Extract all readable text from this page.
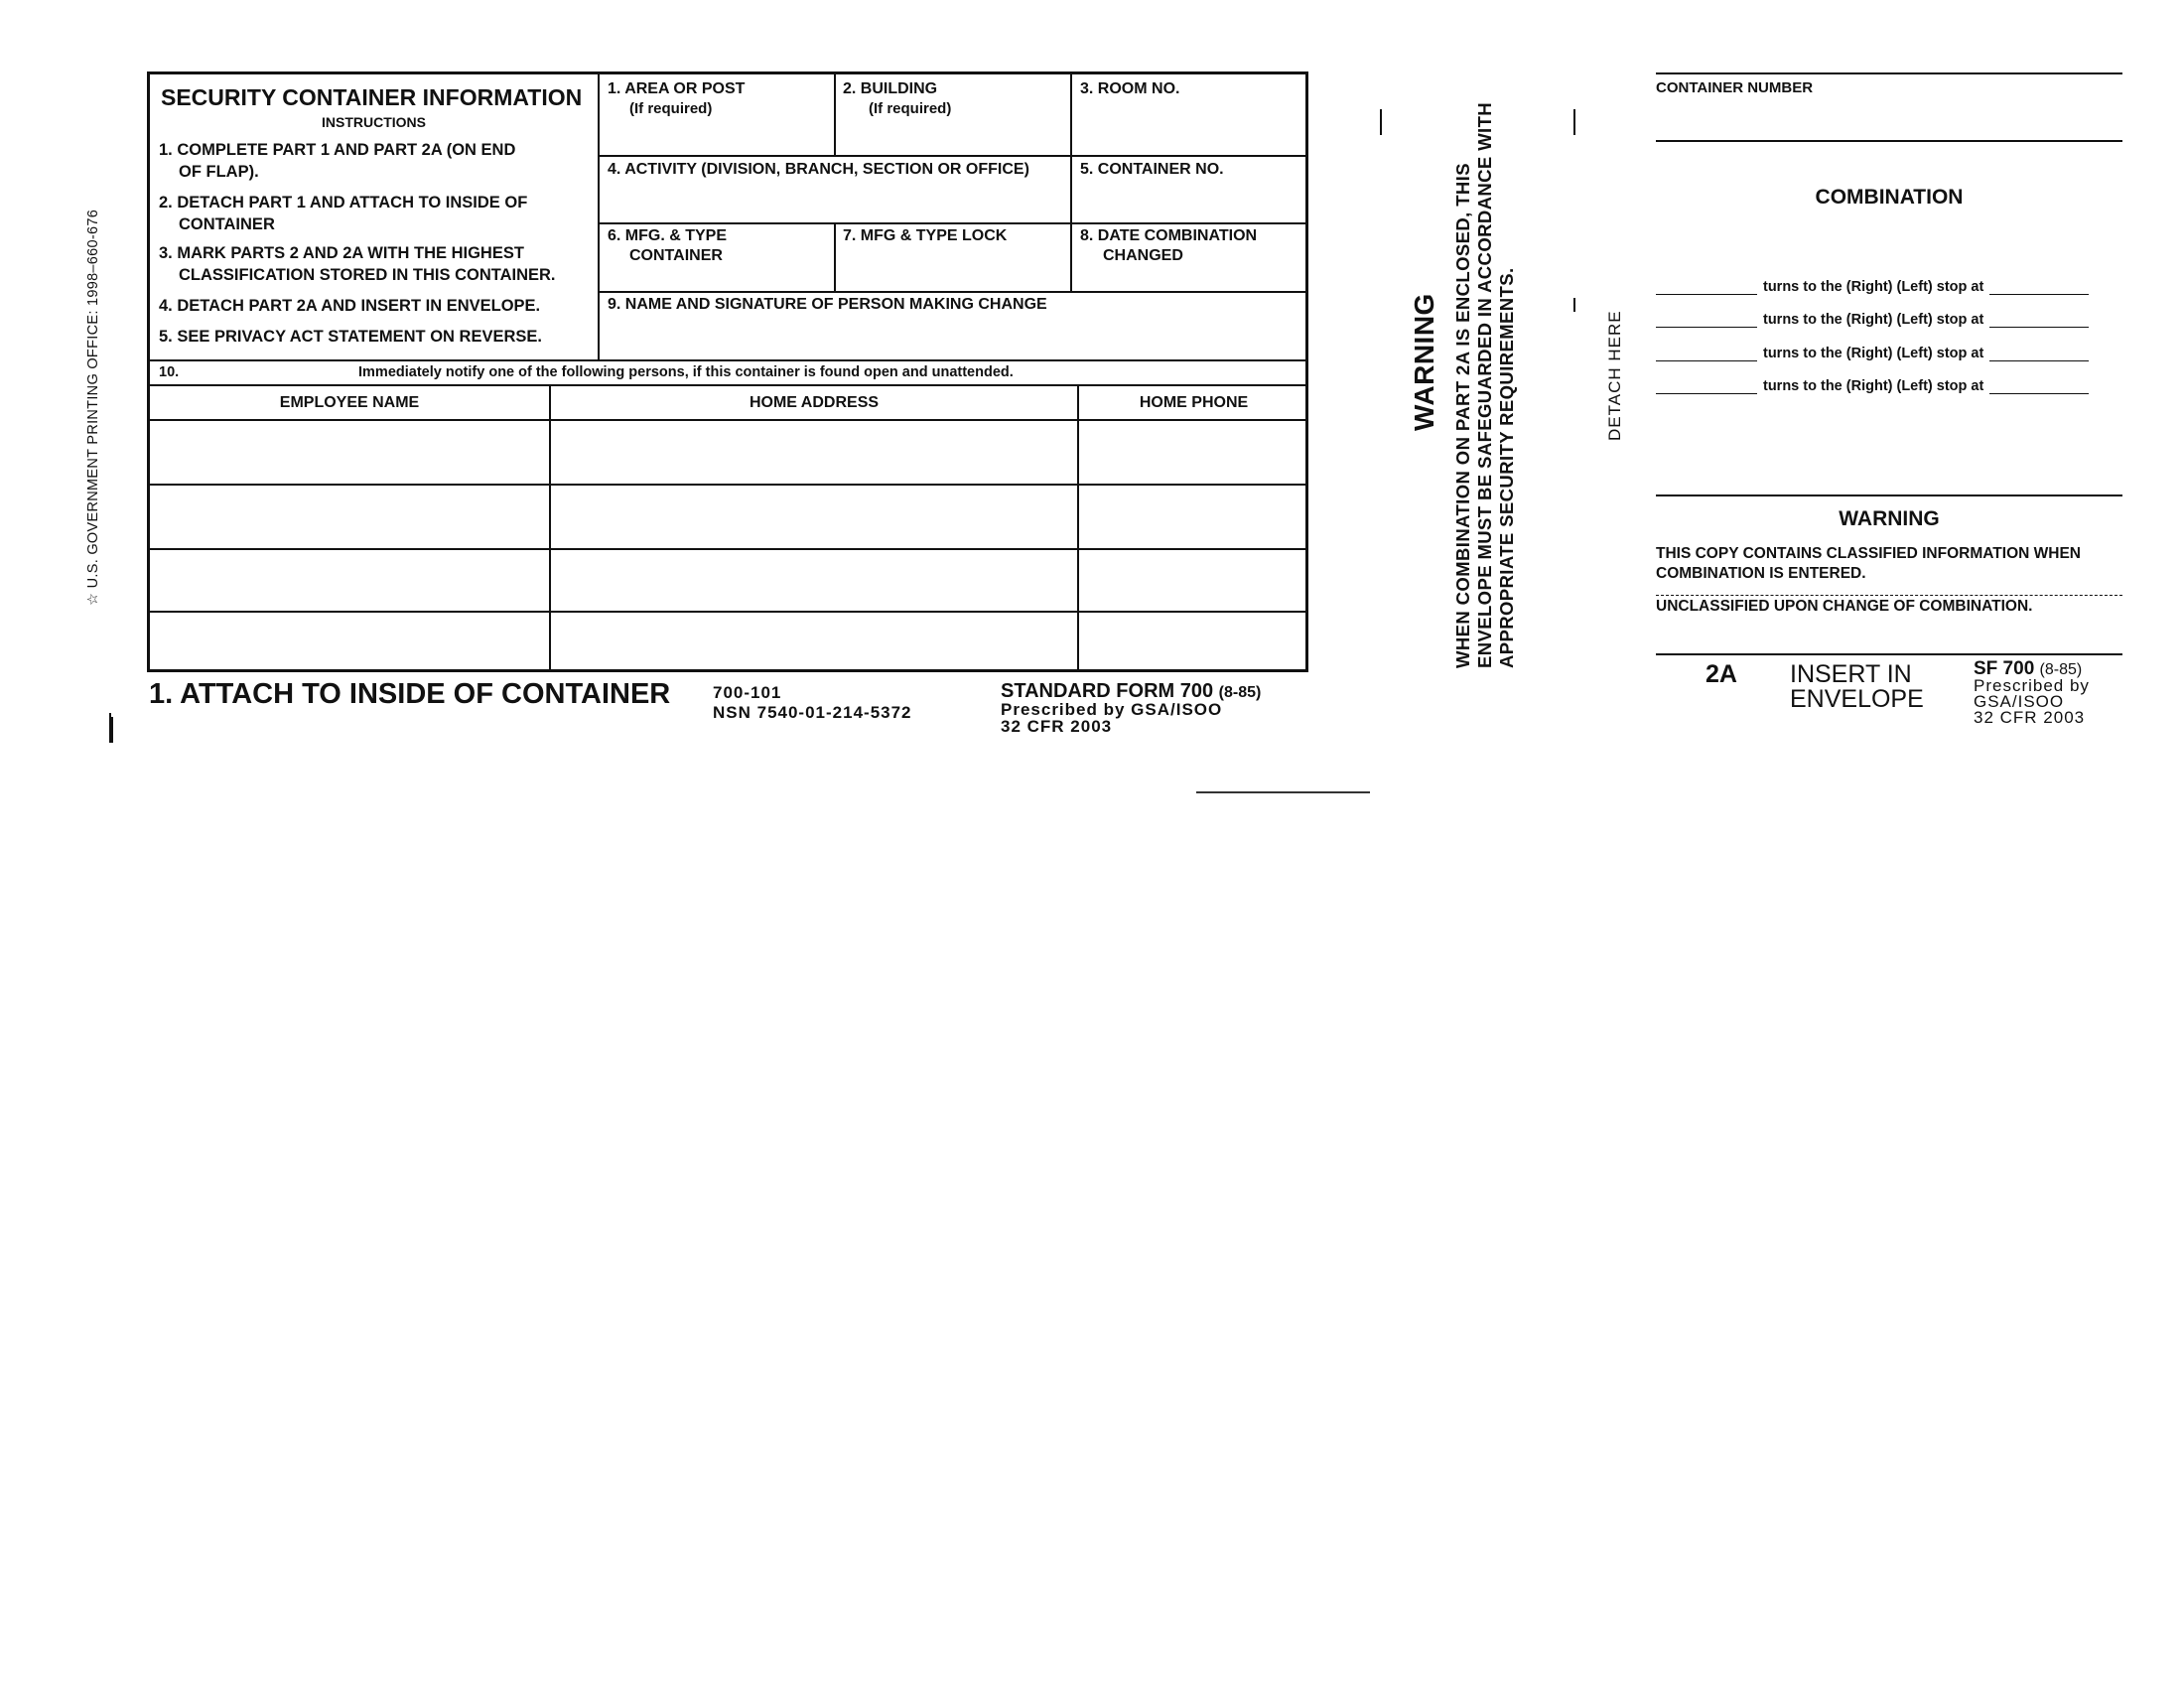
☆ U.S. GOVERNMENT PRINTING OFFICE: 1998–660-676
SECURITY CONTAINER INFORMATION
INSTRUCTIONS
1. COMPLETE PART 1 AND PART 2A (ON END
OF FLAP).
2. DETACH PART 1 AND ATTACH TO INSIDE OF
CONTAINER
3. MARK PARTS 2 AND 2A WITH THE HIGHEST
CLASSIFICATION STORED IN THIS CONTAINER.
4. DETACH PART 2A AND INSERT IN ENVELOPE.
5. SEE PRIVACY ACT STATEMENT ON REVERSE.
1. AREA OR POST
(If required)
2. BUILDING
(If required)
3. ROOM NO.
4. ACTIVITY (DIVISION, BRANCH, SECTION OR OFFICE)	5. CONTAINER NO.
6. MFG. & TYPE
CONTAINER
7. MFG & TYPE LOCK	8. DATE COMBINATION
CHANGED
9. NAME AND SIGNATURE OF PERSON MAKING CHANGE
10.	Immediately notify one of the following persons, if this container is found open and unattended.
EMPLOYEE NAME	HOME ADDRESS	HOME PHONE
1. ATTACH TO INSIDE OF CONTAINER	700-101
NSN 7540-01-214-5372
STANDARD FORM 700 (8-85)
Prescribed by GSA/ISOO
32 CFR 2003
WARNING WHEN COMBINATION ON PART 2A IS ENCLOSED, THIS ENVELOPE MUST BE SAFEGUARDED IN ACCORDANCE WITH APPROPRIATE SECURITY REQUIREMENTS.	DETACH HERE
CONTAINER NUMBER
COMBINATION
turns to the (Right) (Left) stop at
turns to the (Right) (Left) stop at
turns to the (Right) (Left) stop at
turns to the (Right) (Left) stop at
WARNING
THIS COPY CONTAINS CLASSIFIED INFORMATION WHEN
COMBINATION IS ENTERED.
UNCLASSIFIED UPON CHANGE OF COMBINATION.
2A INSERT IN
ENVELOPE
SF 700 (8-85)
Prescribed by
GSA/ISOO
32 CFR 2003
